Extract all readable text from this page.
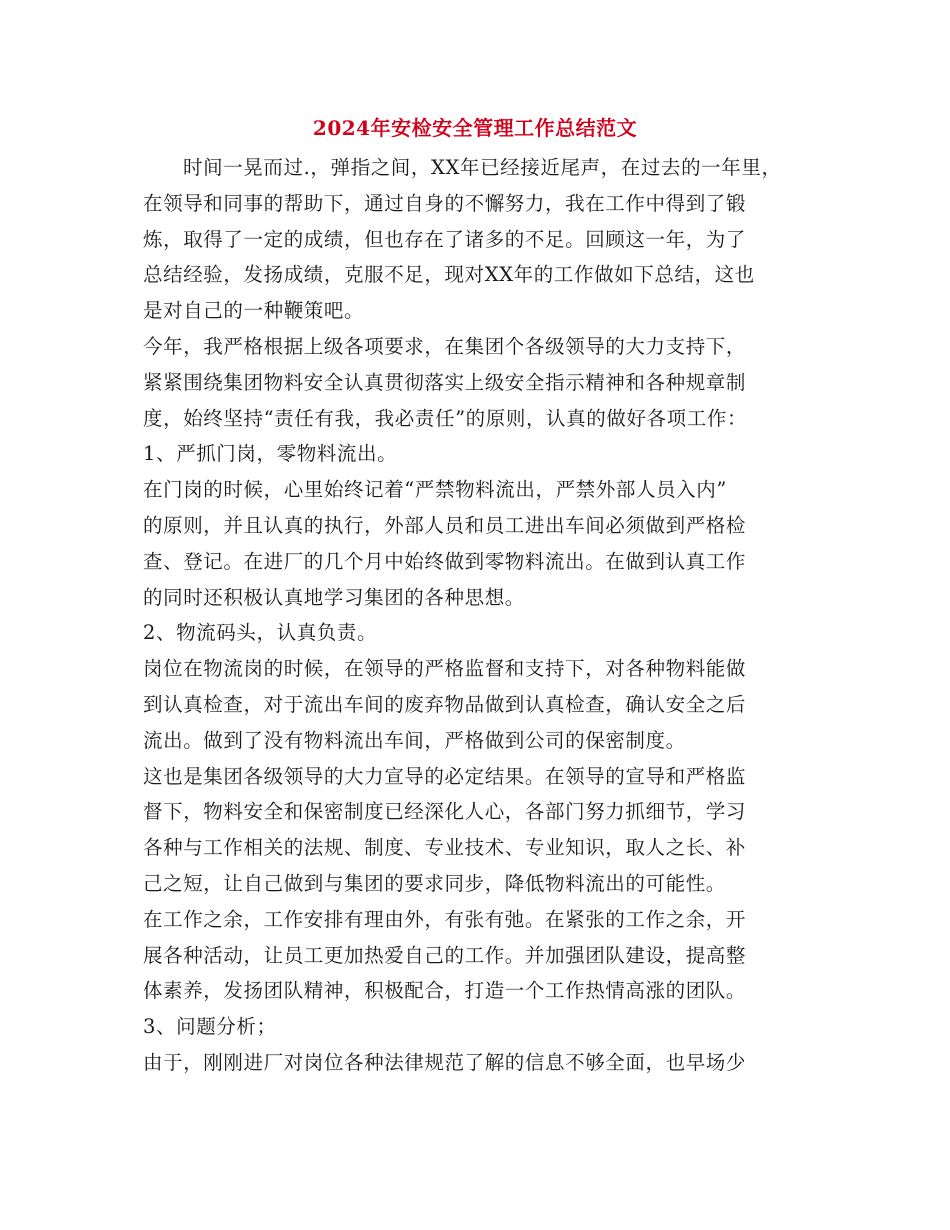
2024年安检安全管理工作总结范文
时间一晃而过.，弹指之间，XX年已经接近尾声，在过去的一年里，
在领导和同事的帮助下，通过自身的不懈努力，我在工作中得到了锻
炼，取得了一定的成绩，但也存在了诸多的不足。回顾这一年，为了
总结经验，发扬成绩，克服不足，现对XX年的工作做如下总结，这也
是对自己的一种鞭策吧。
今年，我严格根据上级各项要求，在集团个各级领导的大力支持下，
紧紧围绕集团物料安全认真贯彻落实上级安全指示精神和各种规章制
度，始终坚持“责任有我，我必责任”的原则，认真的做好各项工作：
1、严抓门岗，零物料流出。
在门岗的时候，心里始终记着“严禁物料流出，严禁外部人员入内”
的原则，并且认真的执行，外部人员和员工进出车间必须做到严格检
查、登记。在进厂的几个月中始终做到零物料流出。在做到认真工作
的同时还积极认真地学习集团的各种思想。
2、物流码头，认真负责。
岗位在物流岗的时候，在领导的严格监督和支持下，对各种物料能做
到认真检查，对于流出车间的废弃物品做到认真检查，确认安全之后
流出。做到了没有物料流出车间，严格做到公司的保密制度。
这也是集团各级领导的大力宣导的必定结果。在领导的宣导和严格监
督下，物料安全和保密制度已经深化人心，各部门努力抓细节，学习
各种与工作相关的法规、制度、专业技术、专业知识，取人之长、补
己之短，让自己做到与集团的要求同步，降低物料流出的可能性。
在工作之余，工作安排有理由外，有张有弛。在紧张的工作之余，开
展各种活动，让员工更加热爱自己的工作。并加强团队建设，提高整
体素养，发扬团队精神，积极配合，打造一个工作热情高涨的团队。
3、问题分析；
由于，刚刚进厂对岗位各种法律规范了解的信息不够全面，也早场少
